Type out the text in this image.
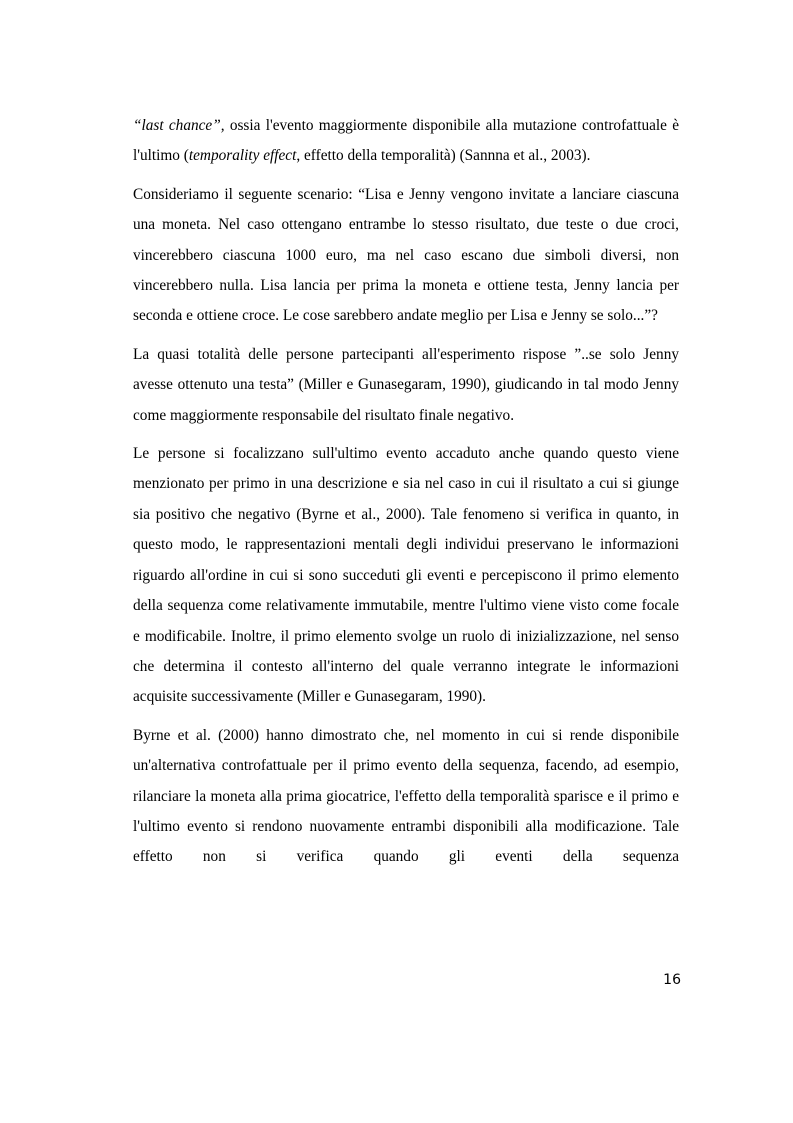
“last chance”, ossia l'evento maggiormente disponibile alla mutazione controfattuale è l'ultimo (temporality effect, effetto della temporalità) (Sannna et al., 2003).

Consideriamo il seguente scenario: “Lisa e Jenny vengono invitate a lanciare ciascuna una moneta. Nel caso ottengano entrambe lo stesso risultato, due teste o due croci, vincerebbero ciascuna 1000 euro, ma nel caso escano due simboli diversi, non vincerebbero nulla. Lisa lancia per prima la moneta e ottiene testa, Jenny lancia per seconda e ottiene croce. Le cose sarebbero andate meglio per Lisa e Jenny se solo...”?

La quasi totalità delle persone partecipanti all'esperimento rispose ”..se solo Jenny avesse ottenuto una testa” (Miller e Gunasegaram, 1990), giudicando in tal modo Jenny come maggiormente responsabile del risultato finale negativo.

Le persone si focalizzano sull'ultimo evento accaduto anche quando questo viene menzionato per primo in una descrizione e sia nel caso in cui il risultato a cui si giunge sia positivo che negativo (Byrne et al., 2000). Tale fenomeno si verifica in quanto, in questo modo, le rappresentazioni mentali degli individui preservano le informazioni riguardo all'ordine in cui si sono succeduti gli eventi e percepiscono il primo elemento della sequenza come relativamente immutabile, mentre l'ultimo viene visto come focale e modificabile. Inoltre, il primo elemento svolge un ruolo di inizializzazione, nel senso che determina il contesto all'interno del quale verranno integrate le informazioni acquisite successivamente (Miller e Gunasegaram, 1990).

Byrne et al. (2000) hanno dimostrato che, nel momento in cui si rende disponibile un'alternativa controfattuale per il primo evento della sequenza, facendo, ad esempio, rilanciare la moneta alla prima giocatrice, l'effetto della temporalità sparisce e il primo e l'ultimo evento si rendono nuovamente entrambi disponibili alla modificazione. Tale effetto non si verifica quando gli eventi della sequenza

16
